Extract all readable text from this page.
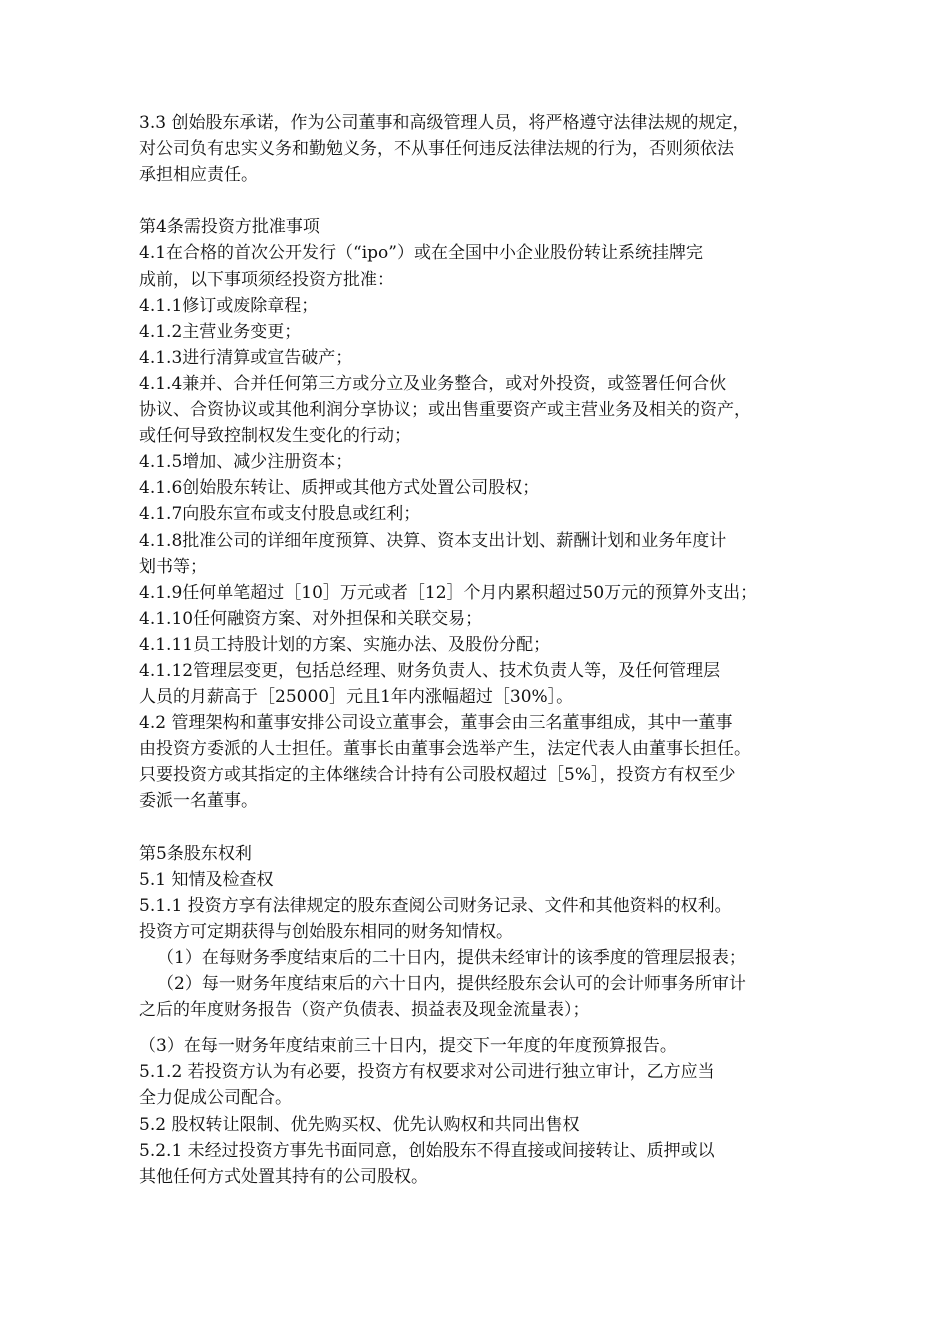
3.3 创始股东承诺，作为公司董事和高级管理人员，将严格遵守法律法规的规定，
对公司负有忠实义务和勤勉义务，不从事任何违反法律法规的行为，否则须依法
承担相应责任。
第4条需投资方批准事项
4.1在合格的首次公开发行（“ipo”）或在全国中小企业股份转让系统挂牌完
成前，以下事项须经投资方批准：
4.1.1修订或废除章程；
4.1.2主营业务变更；
4.1.3进行清算或宣告破产；
4.1.4兼并、合并任何第三方或分立及业务整合，或对外投资，或签署任何合伙
协议、合资协议或其他利润分享协议；或出售重要资产或主营业务及相关的资产，
或任何导致控制权发生变化的行动；
4.1.5增加、减少注册资本；
4.1.6创始股东转让、质押或其他方式处置公司股权；
4.1.7向股东宣布或支付股息或红利；
4.1.8批准公司的详细年度预算、决算、资本支出计划、薪酬计划和业务年度计
划书等；
4.1.9任何单笔超过［10］万元或者［12］个月内累积超过50万元的预算外支出；
4.1.10任何融资方案、对外担保和关联交易；
4.1.11员工持股计划的方案、实施办法、及股份分配；
4.1.12管理层变更，包括总经理、财务负责人、技术负责人等，及任何管理层
人员的月薪高于［25000］元且1年内涨幅超过［30%］。
4.2 管理架构和董事安排公司设立董事会，董事会由三名董事组成，其中一董事
由投资方委派的人士担任。董事长由董事会选举产生，法定代表人由董事长担任。
只要投资方或其指定的主体继续合计持有公司股权超过［5%］，投资方有权至少
委派一名董事。
第5条股东权利
5.1 知情及检查权
5.1.1 投资方享有法律规定的股东查阅公司财务记录、文件和其他资料的权利。
投资方可定期获得与创始股东相同的财务知情权。
（1）在每财务季度结束后的二十日内，提供未经审计的该季度的管理层报表；
（2）每一财务年度结束后的六十日内，提供经股东会认可的会计师事务所审计
之后的年度财务报告（资产负债表、损益表及现金流量表）；
（3）在每一财务年度结束前三十日内，提交下一年度的年度预算报告。
5.1.2 若投资方认为有必要，投资方有权要求对公司进行独立审计，乙方应当
全力促成公司配合。
5.2 股权转让限制、优先购买权、优先认购权和共同出售权
5.2.1 未经过投资方事先书面同意，创始股东不得直接或间接转让、质押或以
其他任何方式处置其持有的公司股权。
